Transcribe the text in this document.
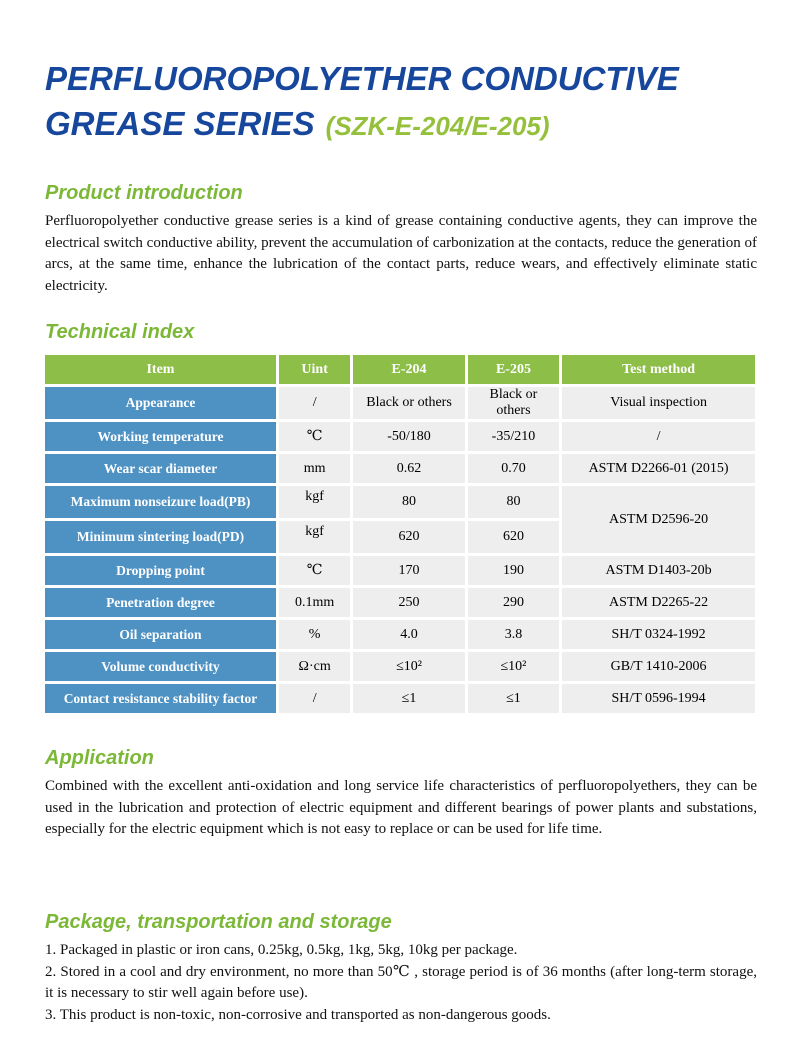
PERFLUOROPOLYETHER CONDUCTIVE
GREASE SERIES (SZK-E-204/E-205)
Product introduction

Perfluoropolyether conductive grease series is a kind of grease containing conductive agents, they can improve the electrical switch conductive ability, prevent the accumulation of carbonization at the contacts, reduce the generation of arcs, at the same time, enhance the lubrication of the contact parts, reduce wears, and effectively eliminate static electricity.

Technical index
Item	Uint	E-204	E-205	Test method
Appearance	/	Black or others	Black or others	Visual inspection
Working temperature	℃	-50/180	-35/210	/
Wear scar diameter	mm	0.62	0.70	ASTM D2266-01 (2015)
Maximum nonseizure load(PB)	kgf	80	80	ASTM D2596-20
Minimum sintering load(PD)	kgf	620	620	
Dropping point	℃	170	190	ASTM D1403-20b
Penetration degree	0.1mm	250	290	ASTM D2265-22
Oil separation	%	4.0	3.8	SH/T 0324-1992
Volume conductivity	Ω·cm	≤10²	≤10²	GB/T 1410-2006
Contact resistance stability factor	/	≤1	≤1	SH/T 0596-1994
Application

Combined with the excellent anti-oxidation and long service life characteristics of perfluoropolyethers, they can be used in the lubrication and protection of electric equipment and different bearings of power plants and substations, especially for the electric equipment which is not easy to replace or can be used for life time.

Package, transportation and storage

1. Packaged in plastic or iron cans, 0.25kg, 0.5kg, 1kg, 5kg, 10kg per package.

2. Stored in a cool and dry environment, no more than 50℃ , storage period is of 36 months (after long-term storage, it is necessary to stir well again before use).

3. This product is non-toxic, non-corrosive and transported as non-dangerous goods.
